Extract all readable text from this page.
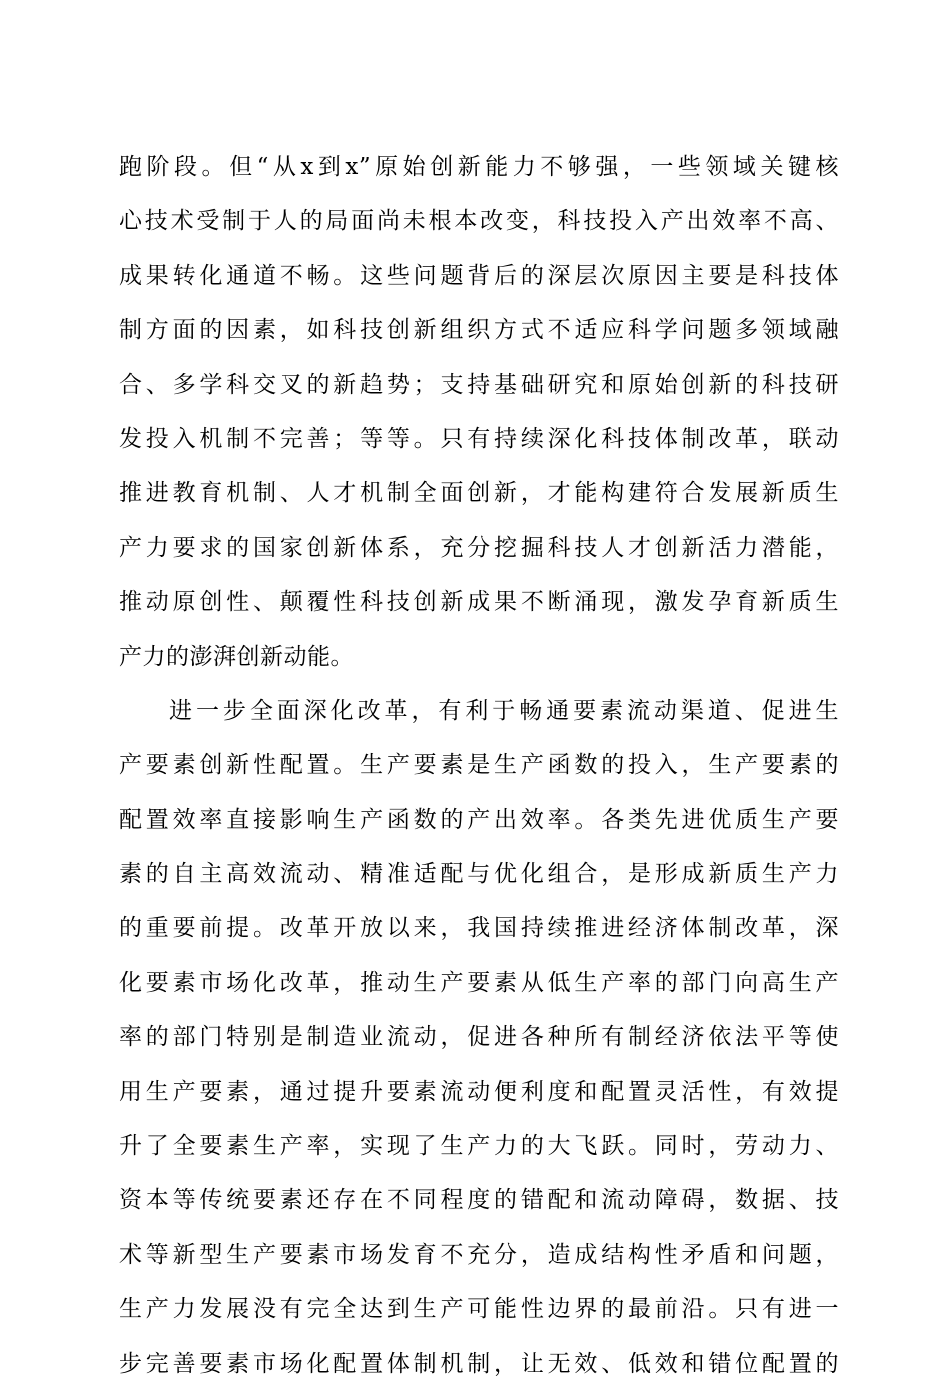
跑阶段。但“从x到x”原始创新能力不够强，一些领域关键核
心技术受制于人的局面尚未根本改变，科技投入产出效率不高、
成果转化通道不畅。这些问题背后的深层次原因主要是科技体
制方面的因素，如科技创新组织方式不适应科学问题多领域融
合、多学科交叉的新趋势；支持基础研究和原始创新的科技研
发投入机制不完善；等等。只有持续深化科技体制改革，联动
推进教育机制、人才机制全面创新，才能构建符合发展新质生
产力要求的国家创新体系，充分挖掘科技人才创新活力潜能，
推动原创性、颠覆性科技创新成果不断涌现，激发孕育新质生
产力的澎湃创新动能。
进一步全面深化改革，有利于畅通要素流动渠道、促进生
产要素创新性配置。生产要素是生产函数的投入，生产要素的
配置效率直接影响生产函数的产出效率。各类先进优质生产要
素的自主高效流动、精准适配与优化组合，是形成新质生产力
的重要前提。改革开放以来，我国持续推进经济体制改革，深
化要素市场化改革，推动生产要素从低生产率的部门向高生产
率的部门特别是制造业流动，促进各种所有制经济依法平等使
用生产要素，通过提升要素流动便利度和配置灵活性，有效提
升了全要素生产率，实现了生产力的大飞跃。同时，劳动力、
资本等传统要素还存在不同程度的错配和流动障碍，数据、技
术等新型生产要素市场发育不充分，造成结构性矛盾和问题，
生产力发展没有完全达到生产可能性边界的最前沿。只有进一
步完善要素市场化配置体制机制，让无效、低效和错位配置的
